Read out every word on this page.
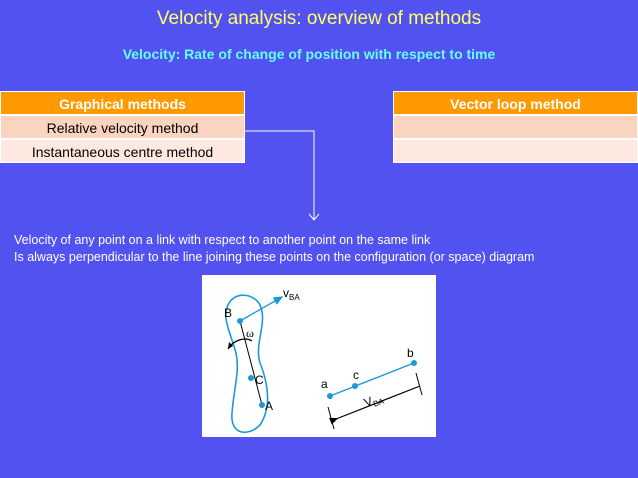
Velocity analysis: overview of methods
Velocity: Rate of change of position with respect to time
Graphical methods
Relative velocity method
Instantaneous centre method
Vector loop method
Velocity of any point on a link with respect to another point on the same link
Is always perpendicular to the line joining these points on the configuration (or space) diagram
B
C
A
ω
$v_{BA}$
a
c
b
$V_{BA}$
